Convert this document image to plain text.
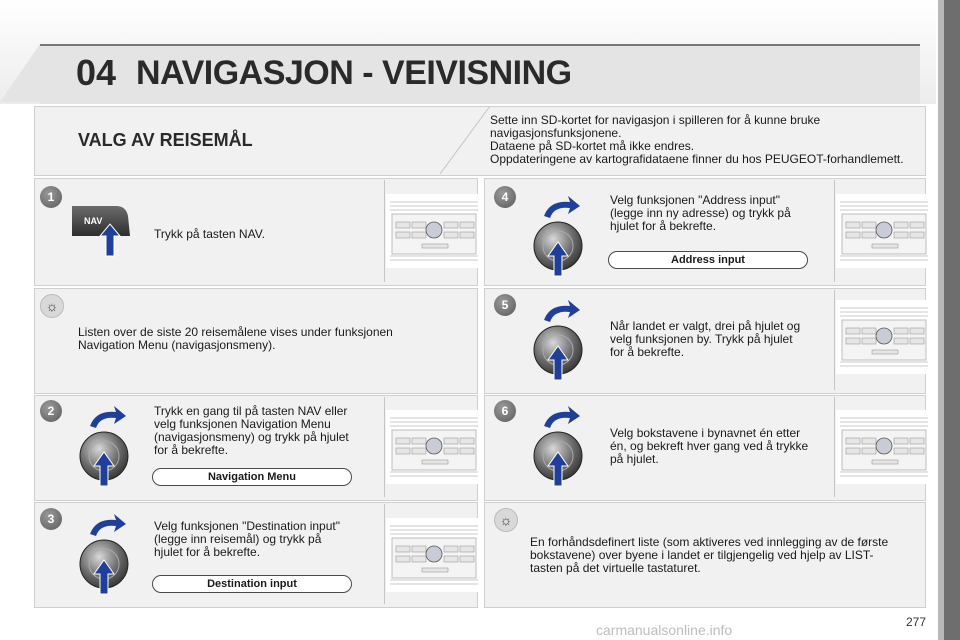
04 NAVIGASJON - VEIVISNING
VALG AV REISEMÅL
Sette inn SD-kortet for navigasjon i spilleren for å kunne bruke
navigasjonsfunksjonene.
Dataene på SD-kortet må ikke endres.
Oppdateringene av kartografidataene finner du hos PEUGEOT-forhandlemett.
1
☼
2
3
4
5
6
☼
NAV
Trykk på tasten NAV.
Listen over de siste 20 reisemålene vises under funksjonen
Navigation Menu (navigasjonsmeny).
Trykk en gang til på tasten NAV eller
velg funksjonen Navigation Menu
(navigasjonsmeny) og trykk på hjulet
for å bekrefte.
Velg funksjonen "Destination input"
(legge inn reisemål) og trykk på
hjulet for å bekrefte.
Velg funksjonen "Address input"
(legge inn ny adresse) og trykk på
hjulet for å bekrefte.
Når landet er valgt, drei på hjulet og
velg funksjonen by. Trykk på hjulet
for å bekrefte.
Velg bokstavene i bynavnet én etter
én, og bekreft hver gang ved å trykke
på hjulet.
En forhåndsdefinert liste (som aktiveres ved innlegging av de første
bokstavene) over byene i landet er tilgjengelig ved hjelp av LIST-
tasten på det virtuelle tastaturet.
Navigation Menu
Destination input
Address input
carmanualsonline.info	277
